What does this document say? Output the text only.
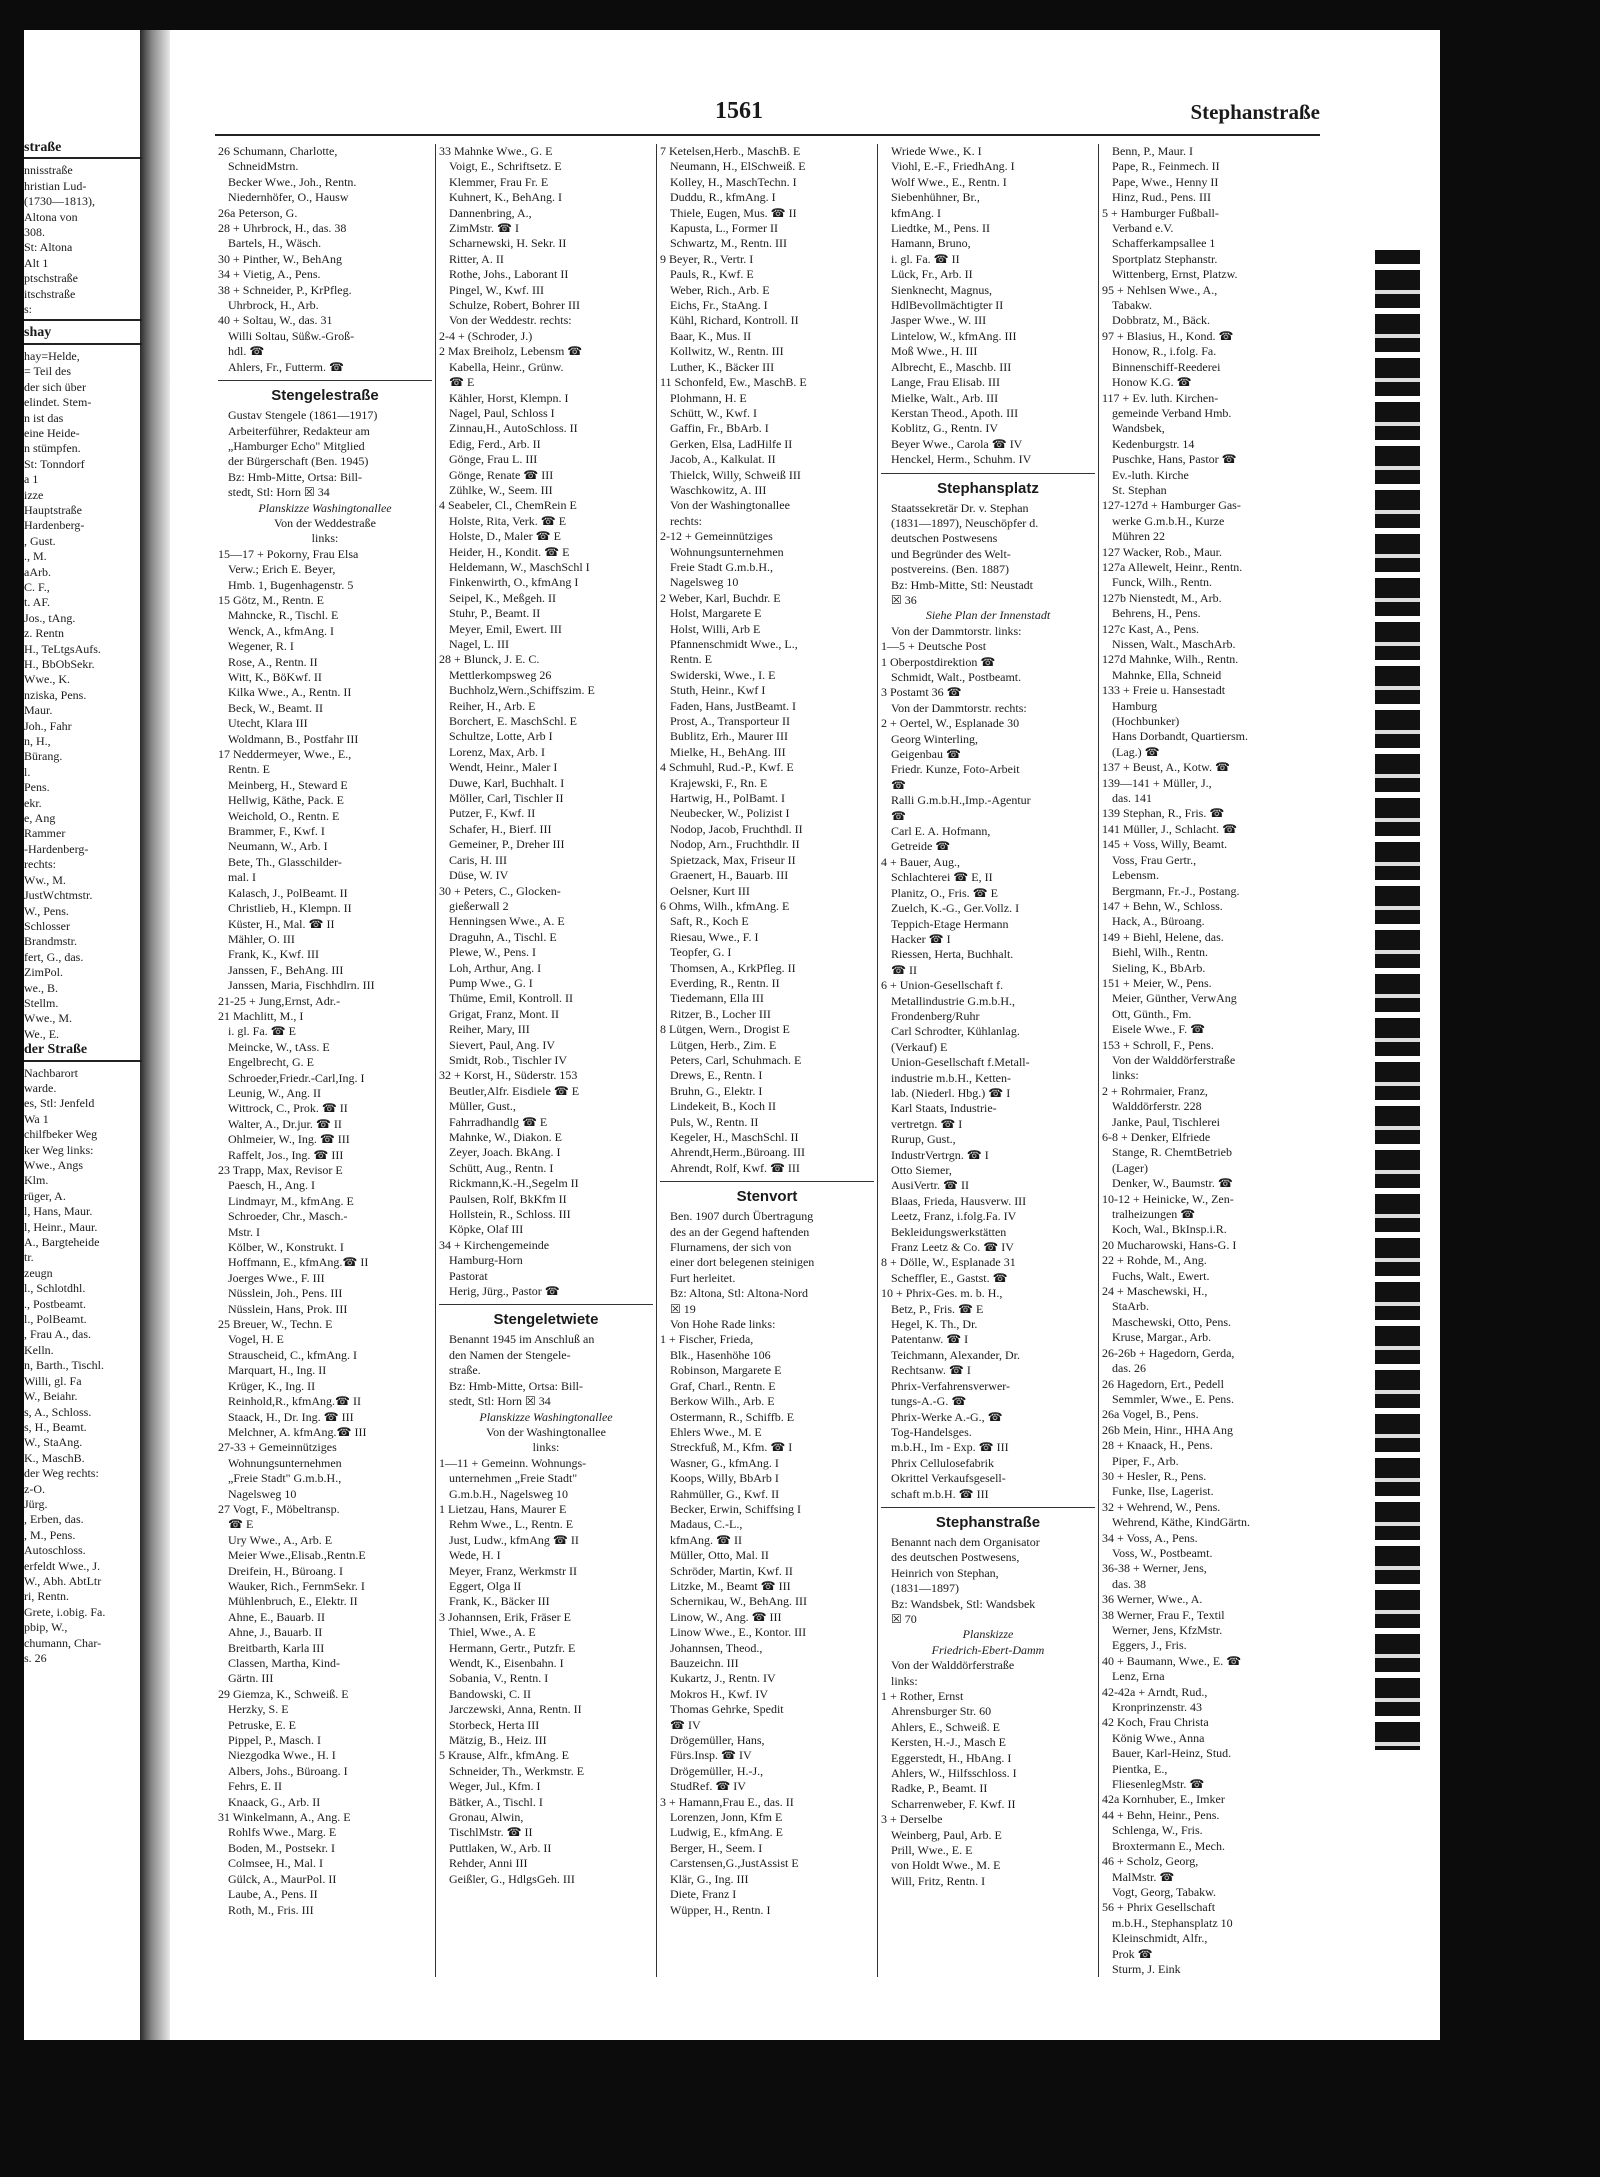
straße
nnisstraße
hristian Lud-
(1730—1813),
Altona von
308.
St: Altona
Alt 1
ptschstraße
itschstraße
s:
shay
hay=Helde,
= Teil des
der sich über
elindet. Stem-
n ist das
eine Heide-
n stümpfen.
St: Tonndorf
a 1
izze
Hauptstraße
Hardenberg-
, Gust.
., M.
aArb.
C. F.,
t. AF.
Jos., tAng.
z. Rentn
H., TeLtgsAufs.
H., BbObSekr.
Wwe., K.
nziska, Pens.
Maur.
Joh., Fahr
n, H.,
Bürang.
l.
Pens.
ekr.
e, Ang
Rammer
-Hardenberg-
rechts:
Ww., M.
JustWchtmstr.
W., Pens.
Schlosser
Brandmstr.
fert, G., das.
ZimPol.
we., B.
Stellm.
Wwe., M.
We., E.
der Straße
Nachbarort
warde.
es, Stl: Jenfeld
Wa 1
chilfbeker Weg
ker Weg links:
Wwe., Angs
Klm.
rüger, A.
l, Hans, Maur.
l, Heinr., Maur.
A., Bargteheide
tr.
zeugn
l., Schlotdhl.
., Postbeamt.
l., PolBeamt.
, Frau A., das.
Kelln.
n, Barth., Tischl.
Willi, gl. Fa
W., Beiahr.
s, A., Schloss.
s, H., Beamt.
W., StaAng.
K., MaschB.
der Weg rechts:
z-O.
Jürg.
, Erben, das.
, M., Pens.
Autoschloss.
erfeldt Wwe., J.
W., Abh. AbtLtr
ri, Rentn.
Grete, i.obig. Fa.
pbip, W.,
chumann, Char-
s. 26
1561	Stephanstraße
26 Schumann, Charlotte,
SchneidMstrn.
Becker Wwe., Joh., Rentn.
Niedernhöfer, O., Hausw
26a Peterson, G.
28 + Uhrbrock, H., das. 38
Bartels, H., Wäsch.
30 + Pinther, W., BehAng
34 + Vietig, A., Pens.
38 + Schneider, P., KrPfleg.
Uhrbrock, H., Arb.
40 + Soltau, W., das. 31
Willi Soltau, Süßw.-Groß-
hdl. ☎
Ahlers, Fr., Futterm. ☎
Stengelestraße
Gustav Stengele (1861—1917)
Arbeiterführer, Redakteur am
„Hamburger Echo" Mitglied
der Bürgerschaft (Ben. 1945)
Bz: Hmb-Mitte, Ortsa: Bill-
stedt, Stl: Horn ☒ 34
Planskizze Washingtonallee
Von der Weddestraße
links:
15—17 + Pokorny, Frau Elsa
Verw.; Erich E. Beyer,
Hmb. 1, Bugenhagenstr. 5
15 Götz, M., Rentn. E
Mahncke, R., Tischl. E
Wenck, A., kfmAng. I
Wegener, R. I
Rose, A., Rentn. II
Witt, K., BöKwf. II
Kilka Wwe., A., Rentn. II
Beck, W., Beamt. II
Utecht, Klara III
Woldmann, B., Postfahr III
17 Neddermeyer, Wwe., E.,
Rentn. E
Meinberg, H., Steward E
Hellwig, Käthe, Pack. E
Weichold, O., Rentn. E
Brammer, F., Kwf. I
Neumann, W., Arb. I
Bete, Th., Glasschilder-
mal. I
Kalasch, J., PolBeamt. II
Christlieb, H., Klempn. II
Küster, H., Mal. ☎ II
Mähler, O. III
Frank, K., Kwf. III
Janssen, F., BehAng. III
Janssen, Maria, Fischhdlrn. III
21-25 + Jung,Ernst, Adr.-
21 Machlitt, M., I
i. gl. Fa. ☎ E
Meincke, W., tAss. E
Engelbrecht, G. E
Schroeder,Friedr.-Carl,Ing. I
Leunig, W., Ang. II
Wittrock, C., Prok. ☎ II
Walter, A., Dr.jur. ☎ II
Ohlmeier, W., Ing. ☎ III
Raffelt, Jos., Ing. ☎ III
23 Trapp, Max, Revisor E
Paesch, H., Ang. I
Lindmayr, M., kfmAng. E
Schroeder, Chr., Masch.-
Mstr. I
Kölber, W., Konstrukt. I
Hoffmann, E., kfmAng.☎ II
Joerges Wwe., F. III
Nüsslein, Joh., Pens. III
Nüsslein, Hans, Prok. III
25 Breuer, W., Techn. E
Vogel, H. E
Strauscheid, C., kfmAng. I
Marquart, H., Ing. II
Krüger, K., Ing. II
Reinhold,R., kfmAng.☎ II
Staack, H., Dr. Ing. ☎ III
Melchner, A. kfmAng.☎ III
27-33 + Gemeinnütziges
Wohnungsunternehmen
„Freie Stadt" G.m.b.H.,
Nagelsweg 10
27 Vogt, F., Möbeltransp.
☎ E
Ury Wwe., A., Arb. E
Meier Wwe.,Elisab.,Rentn.E
Dreifein, H., Büroang. I
Wauker, Rich., FernmSekr. I
Mühlenbruch, E., Elektr. II
Ahne, E., Bauarb. II
Ahne, J., Bauarb. II
Breitbarth, Karla III
Classen, Martha, Kind-
Gärtn. III
29 Giemza, K., Schweiß. E
Herzky, S. E
Petruske, E. E
Pippel, P., Masch. I
Niezgodka Wwe., H. I
Albers, Johs., Büroang. I
Fehrs, E. II
Knaack, G., Arb. II
31 Winkelmann, A., Ang. E
Rohlfs Wwe., Marg. E
Boden, M., Postsekr. I
Colmsee, H., Mal. I
Gülck, A., MaurPol. II
Laube, A., Pens. II
Roth, M., Fris. III
33 Mahnke Wwe., G. E
Voigt, E., Schriftsetz. E
Klemmer, Frau Fr. E
Kuhnert, K., BehAng. I
Dannenbring, A.,
ZimMstr. ☎ I
Scharnewski, H. Sekr. II
Ritter, A. II
Rothe, Johs., Laborant II
Pingel, W., Kwf. III
Schulze, Robert, Bohrer III
Von der Weddestr. rechts:
2-4 + (Schroder, J.)
2 Max Breiholz, Lebensm ☎
Kabella, Heinr., Grünw.
☎ E
Kähler, Horst, Klempn. I
Nagel, Paul, Schloss I
Zinnau,H., AutoSchloss. II
Edig, Ferd., Arb. II
Gönge, Frau L. III
Gönge, Renate ☎ III
Zühlke, W., Seem. III
4 Seabeler, Cl., ChemRein E
Holste, Rita, Verk. ☎ E
Holste, D., Maler ☎ E
Heider, H., Kondit. ☎ E
Heldemann, W., MaschSchl I
Finkenwirth, O., kfmAng I
Seipel, K., Meßgeh. II
Stuhr, P., Beamt. II
Meyer, Emil, Ewert. III
Nagel, L. III
28 + Blunck, J. E. C.
Mettlerkompsweg 26
Buchholz,Wern.,Schiffszim. E
Reiher, H., Arb. E
Borchert, E. MaschSchl. E
Schultze, Lotte, Arb I
Lorenz, Max, Arb. I
Wendt, Heinr., Maler I
Duwe, Karl, Buchhalt. I
Möller, Carl, Tischler II
Putzer, F., Kwf. II
Schafer, H., Bierf. III
Gemeiner, P., Dreher III
Caris, H. III
Düse, W. IV
30 + Peters, C., Glocken-
gießerwall 2
Henningsen Wwe., A. E
Draguhn, A., Tischl. E
Plewe, W., Pens. I
Loh, Arthur, Ang. I
Pump Wwe., G. I
Thüme, Emil, Kontroll. II
Grigat, Franz, Mont. II
Reiher, Mary, III
Sievert, Paul, Ang. IV
Smidt, Rob., Tischler IV
32 + Korst, H., Süderstr. 153
Beutler,Alfr. Eisdiele ☎ E
Müller, Gust.,
Fahrradhandlg ☎ E
Mahnke, W., Diakon. E
Zeyer, Joach. BkAng. I
Schütt, Aug., Rentn. I
Rickmann,K.-H.,Segelm II
Paulsen, Rolf, BkKfm II
Hollstein, R., Schloss. III
Köpke, Olaf III
34 + Kirchengemeinde
Hamburg-Horn
Pastorat
Herig, Jürg., Pastor ☎
Stengeletwiete
Benannt 1945 im Anschluß an
den Namen der Stengele-
straße.
Bz: Hmb-Mitte, Ortsa: Bill-
stedt, Stl: Horn ☒ 34
Planskizze Washingtonallee
Von der Washingtonallee
links:
1—11 + Gemeinn. Wohnungs-
unternehmen „Freie Stadt"
G.m.b.H., Nagelsweg 10
1 Lietzau, Hans, Maurer E
Rehm Wwe., L., Rentn. E
Just, Ludw., kfmAng ☎ II
Wede, H. I
Meyer, Franz, Werkmstr II
Eggert, Olga II
Frank, K., Bäcker III
3 Johannsen, Erik, Fräser E
Thiel, Wwe., A. E
Hermann, Gertr., Putzfr. E
Wendt, K., Eisenbahn. I
Sobania, V., Rentn. I
Bandowski, C. II
Jarczewski, Anna, Rentn. II
Storbeck, Herta III
Mätzig, B., Heiz. III
5 Krause, Alfr., kfmAng. E
Schneider, Th., Werkmstr. E
Weger, Jul., Kfm. I
Bätker, A., Tischl. I
Gronau, Alwin,
TischlMstr. ☎ II
Puttlaken, W., Arb. II
Rehder, Anni III
Geißler, G., HdlgsGeh. III
7 Ketelsen,Herb., MaschB. E
Neumann, H., ElSchweiß. E
Kolley, H., MaschTechn. I
Duddu, R., kfmAng. I
Thiele, Eugen, Mus. ☎ II
Kapusta, L., Former II
Schwartz, M., Rentn. III
9 Beyer, R., Vertr. I
Pauls, R., Kwf. E
Weber, Rich., Arb. E
Eichs, Fr., StaAng. I
Kühl, Richard, Kontroll. II
Baar, K., Mus. II
Kollwitz, W., Rentn. III
Luther, K., Bäcker III
11 Schonfeld, Ew., MaschB. E
Plohmann, H. E
Schütt, W., Kwf. I
Gaffin, Fr., BbArb. I
Gerken, Elsa, LadHilfe II
Jacob, A., Kalkulat. II
Thielck, Willy, Schweiß III
Waschkowitz, A. III
Von der Washingtonallee
rechts:
2-12 + Gemeinnütziges
Wohnungsunternehmen
Freie Stadt G.m.b.H.,
Nagelsweg 10
2 Weber, Karl, Buchdr. E
Holst, Margarete E
Holst, Willi, Arb E
Pfannenschmidt Wwe., L.,
Rentn. E
Swiderski, Wwe., I. E
Stuth, Heinr., Kwf I
Faden, Hans, JustBeamt. I
Prost, A., Transporteur II
Bublitz, Erh., Maurer III
Mielke, H., BehAng. III
4 Schmuhl, Rud.-P., Kwf. E
Krajewski, F., Rn. E
Hartwig, H., PolBamt. I
Neubecker, W., Polizist I
Nodop, Jacob, Fruchthdl. II
Nodop, Arn., Fruchthdlr. II
Spietzack, Max, Friseur II
Graenert, H., Bauarb. III
Oelsner, Kurt III
6 Ohms, Wilh., kfmAng. E
Saft, R., Koch E
Riesau, Wwe., F. I
Teopfer, G. I
Thomsen, A., KrkPfleg. II
Everding, R., Rentn. II
Tiedemann, Ella III
Ritzer, B., Locher III
8 Lütgen, Wern., Drogist E
Lütgen, Herb., Zim. E
Peters, Carl, Schuhmach. E
Drews, E., Rentn. I
Bruhn, G., Elektr. I
Lindekeit, B., Koch II
Puls, W., Rentn. II
Kegeler, H., MaschSchl. II
Ahrendt,Herm.,Büroang. III
Ahrendt, Rolf, Kwf. ☎ III
Stenvort
Ben. 1907 durch Übertragung
des an der Gegend haftenden
Flurnamens, der sich von
einer dort belegenen steinigen
Furt herleitet.
Bz: Altona, Stl: Altona-Nord
☒ 19
Von Hohe Rade links:
1 + Fischer, Frieda,
Blk., Hasenhöhe 106
Robinson, Margarete E
Graf, Charl., Rentn. E
Berkow Wilh., Arb. E
Ostermann, R., Schiffb. E
Ehlers Wwe., M. E
Streckfuß, M., Kfm. ☎ I
Wasner, G., kfmAng. I
Koops, Willy, BbArb I
Rahmüller, G., Kwf. II
Becker, Erwin, Schiffsing I
Madaus, C.-L.,
kfmAng. ☎ II
Müller, Otto, Mal. II
Schröder, Martin, Kwf. II
Litzke, M., Beamt ☎ III
Schernikau, W., BehAng. III
Linow, W., Ang. ☎ III
Linow Wwe., E., Kontor. III
Johannsen, Theod.,
Bauzeichn. III
Kukartz, J., Rentn. IV
Mokros H., Kwf. IV
Thomas Gehrke, Spedit
☎ IV
Drögemüller, Hans,
Fürs.Insp. ☎ IV
Drögemüller, H.-J.,
StudRef. ☎ IV
3 + Hamann,Frau E., das. II
Lorenzen, Jonn, Kfm E
Ludwig, E., kfmAng. E
Berger, H., Seem. I
Carstensen,G.,JustAssist E
Klär, G., Ing. III
Diete, Franz I
Wüpper, H., Rentn. I
Wriede Wwe., K. I
Viohl, E.-F., FriedhAng. I
Wolf Wwe., E., Rentn. I
Siebenhühner, Br.,
kfmAng. I
Liedtke, M., Pens. II
Hamann, Bruno,
i. gl. Fa. ☎ II
Lück, Fr., Arb. II
Sienknecht, Magnus,
HdlBevollmächtigter II
Jasper Wwe., W. III
Lintelow, W., kfmAng. III
Moß Wwe., H. III
Albrecht, E., Maschb. III
Lange, Frau Elisab. III
Mielke, Walt., Arb. III
Kerstan Theod., Apoth. III
Koblitz, G., Rentn. IV
Beyer Wwe., Carola ☎ IV
Henckel, Herm., Schuhm. IV
Stephansplatz
Staatssekretär Dr. v. Stephan
(1831—1897), Neuschöpfer d.
deutschen Postwesens
und Begründer des Welt-
postvereins. (Ben. 1887)
Bz: Hmb-Mitte, Stl: Neustadt
☒ 36
Siehe Plan der Innenstadt
Von der Dammtorstr. links:
1—5 + Deutsche Post
1 Oberpostdirektion ☎
Schmidt, Walt., Postbeamt.
3 Postamt 36 ☎
Von der Dammtorstr. rechts:
2 + Oertel, W., Esplanade 30
Georg Winterling,
Geigenbau ☎
Friedr. Kunze, Foto-Arbeit
☎
Ralli G.m.b.H.,Imp.-Agentur
☎
Carl E. A. Hofmann,
Getreide ☎
4 + Bauer, Aug.,
Schlachterei ☎ E, II
Planitz, O., Fris. ☎ E
Zuelch, K.-G., Ger.Vollz. I
Teppich-Etage Hermann
Hacker ☎ I
Riessen, Herta, Buchhalt.
☎ II
6 + Union-Gesellschaft f.
Metallindustrie G.m.b.H.,
Frondenberg/Ruhr
Carl Schrodter, Kühlanlag.
(Verkauf) E
Union-Gesellschaft f.Metall-
industrie m.b.H., Ketten-
lab. (Niederl. Hbg.) ☎ I
Karl Staats, Industrie-
vertretgn. ☎ I
Rurup, Gust.,
IndustrVertrgn. ☎ I
Otto Siemer,
AusiVertr. ☎ II
Blaas, Frieda, Hausverw. III
Leetz, Franz, i.folg.Fa. IV
Bekleidungswerkstätten
Franz Leetz & Co. ☎ IV
8 + Dölle, W., Esplanade 31
Scheffler, E., Gastst. ☎
10 + Phrix-Ges. m. b. H.,
Betz, P., Fris. ☎ E
Hegel, K. Th., Dr.
Patentanw. ☎ I
Teichmann, Alexander, Dr.
Rechtsanw. ☎ I
Phrix-Verfahrensverwer-
tungs-A.-G. ☎
Phrix-Werke A.-G., ☎
Tog-Handelsges.
m.b.H., Im - Exp. ☎ III
Phrix Cellulosefabrik
Okrittel Verkaufsgesell-
schaft m.b.H. ☎ III
Stephanstraße
Benannt nach dem Organisator
des deutschen Postwesens,
Heinrich von Stephan,
(1831—1897)
Bz: Wandsbek, Stl: Wandsbek
☒ 70
Planskizze
Friedrich-Ebert-Damm
Von der Walddörferstraße
links:
1 + Rother, Ernst
Ahrensburger Str. 60
Ahlers, E., Schweiß. E
Kersten, H.-J., Masch E
Eggerstedt, H., HbAng. I
Ahlers, W., Hilfsschloss. I
Radke, P., Beamt. II
Scharrenweber, F. Kwf. II
3 + Derselbe
Weinberg, Paul, Arb. E
Prill, Wwe., E. E
von Holdt Wwe., M. E
Will, Fritz, Rentn. I
Benn, P., Maur. I
Pape, R., Feinmech. II
Pape, Wwe., Henny II
Hinz, Rud., Pens. III
5 + Hamburger Fußball-
Verband e.V.
Schafferkampsallee 1
Sportplatz Stephanstr.
Wittenberg, Ernst, Platzw.
95 + Nehlsen Wwe., A.,
Tabakw.
Dobbratz, M., Bäck.
97 + Blasius, H., Kond. ☎
Honow, R., i.folg. Fa.
Binnenschiff-Reederei
Honow K.G. ☎
117 + Ev. luth. Kirchen-
gemeinde Verband Hmb.
Wandsbek,
Kedenburgstr. 14
Puschke, Hans, Pastor ☎
Ev.-luth. Kirche
St. Stephan
127-127d + Hamburger Gas-
werke G.m.b.H., Kurze
Mühren 22
127 Wacker, Rob., Maur.
127a Allewelt, Heinr., Rentn.
Funck, Wilh., Rentn.
127b Nienstedt, M., Arb.
Behrens, H., Pens.
127c Kast, A., Pens.
Nissen, Walt., MaschArb.
127d Mahnke, Wilh., Rentn.
Mahnke, Ella, Schneid
133 + Freie u. Hansestadt
Hamburg
(Hochbunker)
Hans Dorbandt, Quartiersm.
(Lag.) ☎
137 + Beust, A., Kotw. ☎
139—141 + Müller, J.,
das. 141
139 Stephan, R., Fris. ☎
141 Müller, J., Schlacht. ☎
145 + Voss, Willy, Beamt.
Voss, Frau Gertr.,
Lebensm.
Bergmann, Fr.-J., Postang.
147 + Behn, W., Schloss.
Hack, A., Büroang.
149 + Biehl, Helene, das.
Biehl, Wilh., Rentn.
Sieling, K., BbArb.
151 + Meier, W., Pens.
Meier, Günther, VerwAng
Ott, Günth., Fm.
Eisele Wwe., F. ☎
153 + Schroll, F., Pens.
Von der Walddörferstraße
links:
2 + Rohrmaier, Franz,
Walddörferstr. 228
Janke, Paul, Tischlerei
6-8 + Denker, Elfriede
Stange, R. ChemtBetrieb
(Lager)
Denker, W., Baumstr. ☎
10-12 + Heinicke, W., Zen-
tralheizungen ☎
Koch, Wal., BkInsp.i.R.
20 Mucharowski, Hans-G. I
22 + Rohde, M., Ang.
Fuchs, Walt., Ewert.
24 + Maschewski, H.,
StaArb.
Maschewski, Otto, Pens.
Kruse, Margar., Arb.
26-26b + Hagedorn, Gerda,
das. 26
26 Hagedorn, Ert., Pedell
Semmler, Wwe., E. Pens.
26a Vogel, B., Pens.
26b Mein, Hinr., HHA Ang
28 + Knaack, H., Pens.
Piper, F., Arb.
30 + Hesler, R., Pens.
Funke, Ilse, Lagerist.
32 + Wehrend, W., Pens.
Wehrend, Käthe, KindGärtn.
34 + Voss, A., Pens.
Voss, W., Postbeamt.
36-38 + Werner, Jens,
das. 38
36 Werner, Wwe., A.
38 Werner, Frau F., Textil
Werner, Jens, KfzMstr.
Eggers, J., Fris.
40 + Baumann, Wwe., E. ☎
Lenz, Erna
42-42a + Arndt, Rud.,
Kronprinzenstr. 43
42 Koch, Frau Christa
König Wwe., Anna
Bauer, Karl-Heinz, Stud.
Pientka, E.,
FliesenlegMstr. ☎
42a Kornhuber, E., Imker
44 + Behn, Heinr., Pens.
Schlenga, W., Fris.
Broxtermann E., Mech.
46 + Scholz, Georg,
MalMstr. ☎
Vogt, Georg, Tabakw.
56 + Phrix Gesellschaft
m.b.H., Stephansplatz 10
Kleinschmidt, Alfr.,
Prok ☎
Sturm, J. Eink
